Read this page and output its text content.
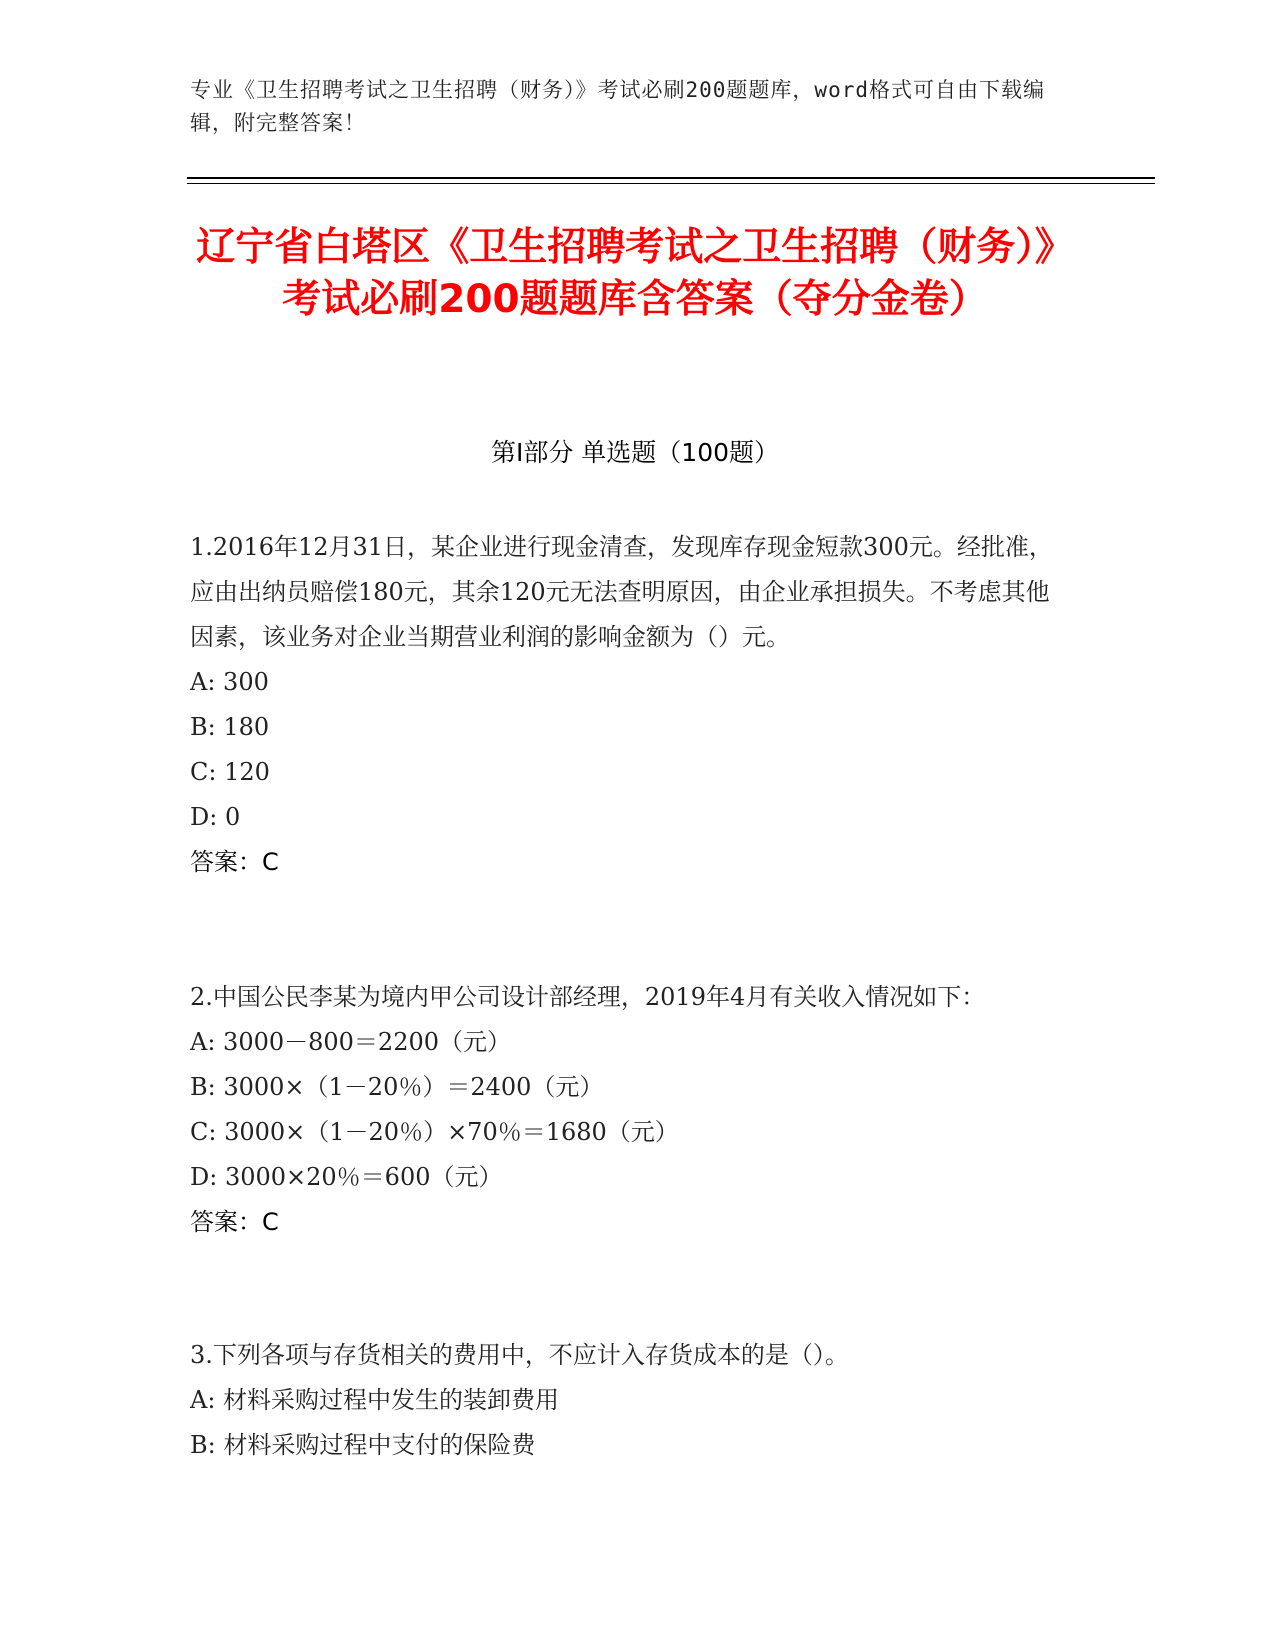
专业《卫生招聘考试之卫生招聘（财务）》考试必刷200题题库，word格式可自由下载编辑，附完整答案！
辽宁省白塔区《卫生招聘考试之卫生招聘（财务）》考试必刷200题题库含答案（夺分金卷）
第Ⅰ部分 单选题（100题）
1.2016年12月31日，某企业进行现金清查，发现库存现金短款300元。经批准，应由出纳员赔偿180元，其余120元无法查明原因，由企业承担损失。不考虑其他因素，该业务对企业当期营业利润的影响金额为（）元。
A: 300
B: 180
C: 120
D: 0
答案：C
2.中国公民李某为境内甲公司设计部经理，2019年4月有关收入情况如下：
A: 3000－800＝2200（元）
B: 3000×（1－20％）＝2400（元）
C: 3000×（1－20％）×70％＝1680（元）
D: 3000×20％＝600（元）
答案：C
3.下列各项与存货相关的费用中，不应计入存货成本的是（）。
A: 材料采购过程中发生的装卸费用
B: 材料采购过程中支付的保险费
